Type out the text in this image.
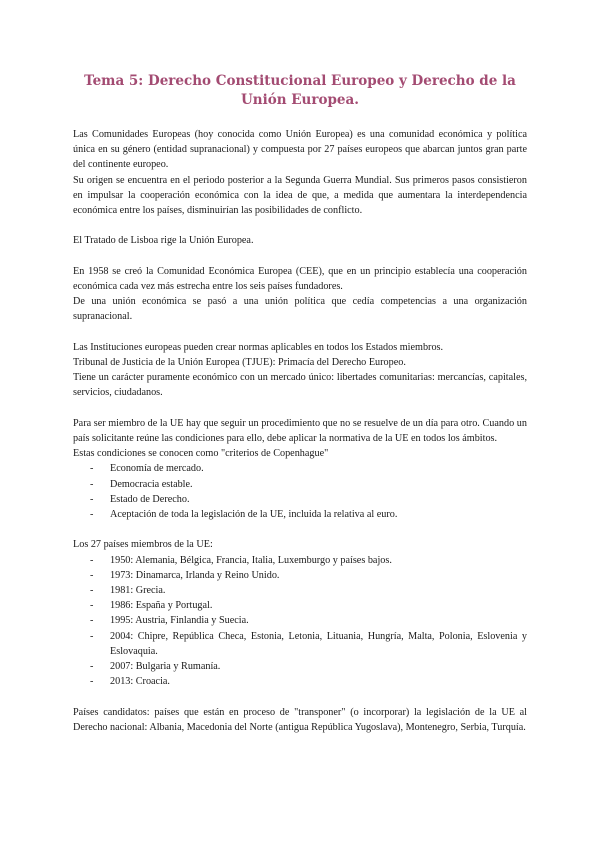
Tema 5: Derecho Constitucional Europeo y Derecho de la Unión Europea.

Las Comunidades Europeas (hoy conocida como Unión Europea) es una comunidad económica y política única en su género (entidad supranacional) y compuesta por 27 países europeos que abarcan juntos gran parte del continente europeo.

Su origen se encuentra en el periodo posterior a la Segunda Guerra Mundial. Sus primeros pasos consistieron en impulsar la cooperación económica con la idea de que, a medida que aumentara la interdependencia económica entre los países, disminuirían las posibilidades de conflicto.

El Tratado de Lisboa rige la Unión Europea.

En 1958 se creó la Comunidad Económica Europea (CEE), que en un principio establecía una cooperación económica cada vez más estrecha entre los seis países fundadores.

De una unión económica se pasó a una unión política que cedía competencias a una organización supranacional.

Las Instituciones europeas pueden crear normas aplicables en todos los Estados miembros.

Tribunal de Justicia de la Unión Europea (TJUE): Primacía del Derecho Europeo.

Tiene un carácter puramente económico con un mercado único: libertades comunitarias: mercancías, capitales, servicios, ciudadanos.

Para ser miembro de la UE hay que seguir un procedimiento que no se resuelve de un día para otro. Cuando un país solicitante reúne las condiciones para ello, debe aplicar la normativa de la UE en todos los ámbitos.

Estas condiciones se conocen como "criterios de Copenhague"

- Economía de mercado.
- Democracia estable.
- Estado de Derecho.
- Aceptación de toda la legislación de la UE, incluida la relativa al euro.

Los 27 países miembros de la UE:

- 1950: Alemania, Bélgica, Francia, Italia, Luxemburgo y países bajos.
- 1973: Dinamarca, Irlanda y Reino Unido.
- 1981: Grecia.
- 1986: España y Portugal.
- 1995: Austria, Finlandia y Suecia.
- 2004: Chipre, República Checa, Estonia, Letonia, Lituania, Hungría, Malta, Polonia, Eslovenia y Eslovaquia.
- 2007: Bulgaria y Rumanía.
- 2013: Croacia.

Países candidatos: países que están en proceso de "transponer" (o incorporar) la legislación de la UE al Derecho nacional: Albania, Macedonia del Norte (antigua República Yugoslava), Montenegro, Serbia, Turquía.
